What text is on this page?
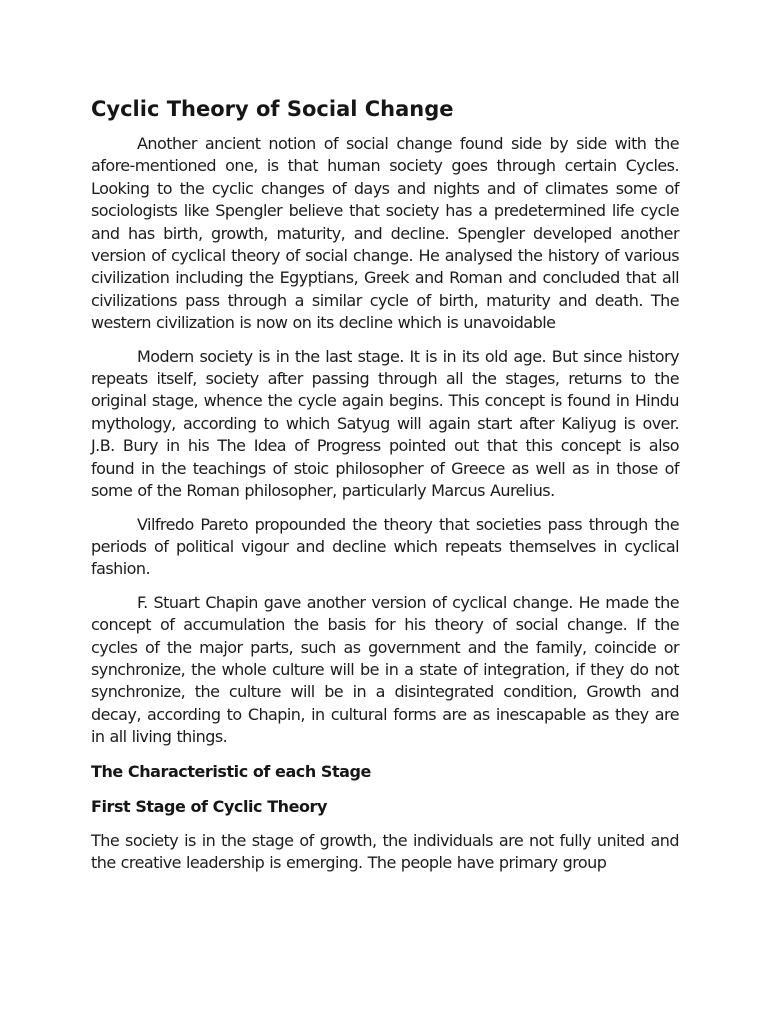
Cyclic Theory of Social Change

Another ancient notion of social change found side by side with the afore-mentioned one, is that human society goes through certain Cycles. Looking to the cyclic changes of days and nights and of climates some of sociologists like Spengler believe that society has a predetermined life cycle and has birth, growth, maturity, and decline. Spengler developed another version of cyclical theory of social change. He analysed the history of various civilization including the Egyptians, Greek and Roman and concluded that all civilizations pass through a similar cycle of birth, maturity and death. The western civilization is now on its decline which is unavoidable

Modern society is in the last stage. It is in its old age. But since history repeats itself, society after passing through all the stages, returns to the original stage, whence the cycle again begins. This concept is found in Hindu mythology, according to which Satyug will again start after Kaliyug is over. J.B. Bury in his The Idea of Progress pointed out that this concept is also found in the teachings of stoic philosopher of Greece as well as in those of some of the Roman philosopher, particularly Marcus Aurelius.

Vilfredo Pareto propounded the theory that societies pass through the periods of political vigour and decline which repeats themselves in cyclical fashion.

F. Stuart Chapin gave another version of cyclical change. He made the concept of accumulation the basis for his theory of social change. If the cycles of the major parts, such as government and the family, coincide or synchronize, the whole culture will be in a state of integration, if they do not synchronize, the culture will be in a disintegrated condition, Growth and decay, according to Chapin, in cultural forms are as inescapable as they are in all living things.

The Characteristic of each Stage
First Stage of Cyclic Theory

The society is in the stage of growth, the individuals are not fully united and the creative leadership is emerging. The people have primary group
